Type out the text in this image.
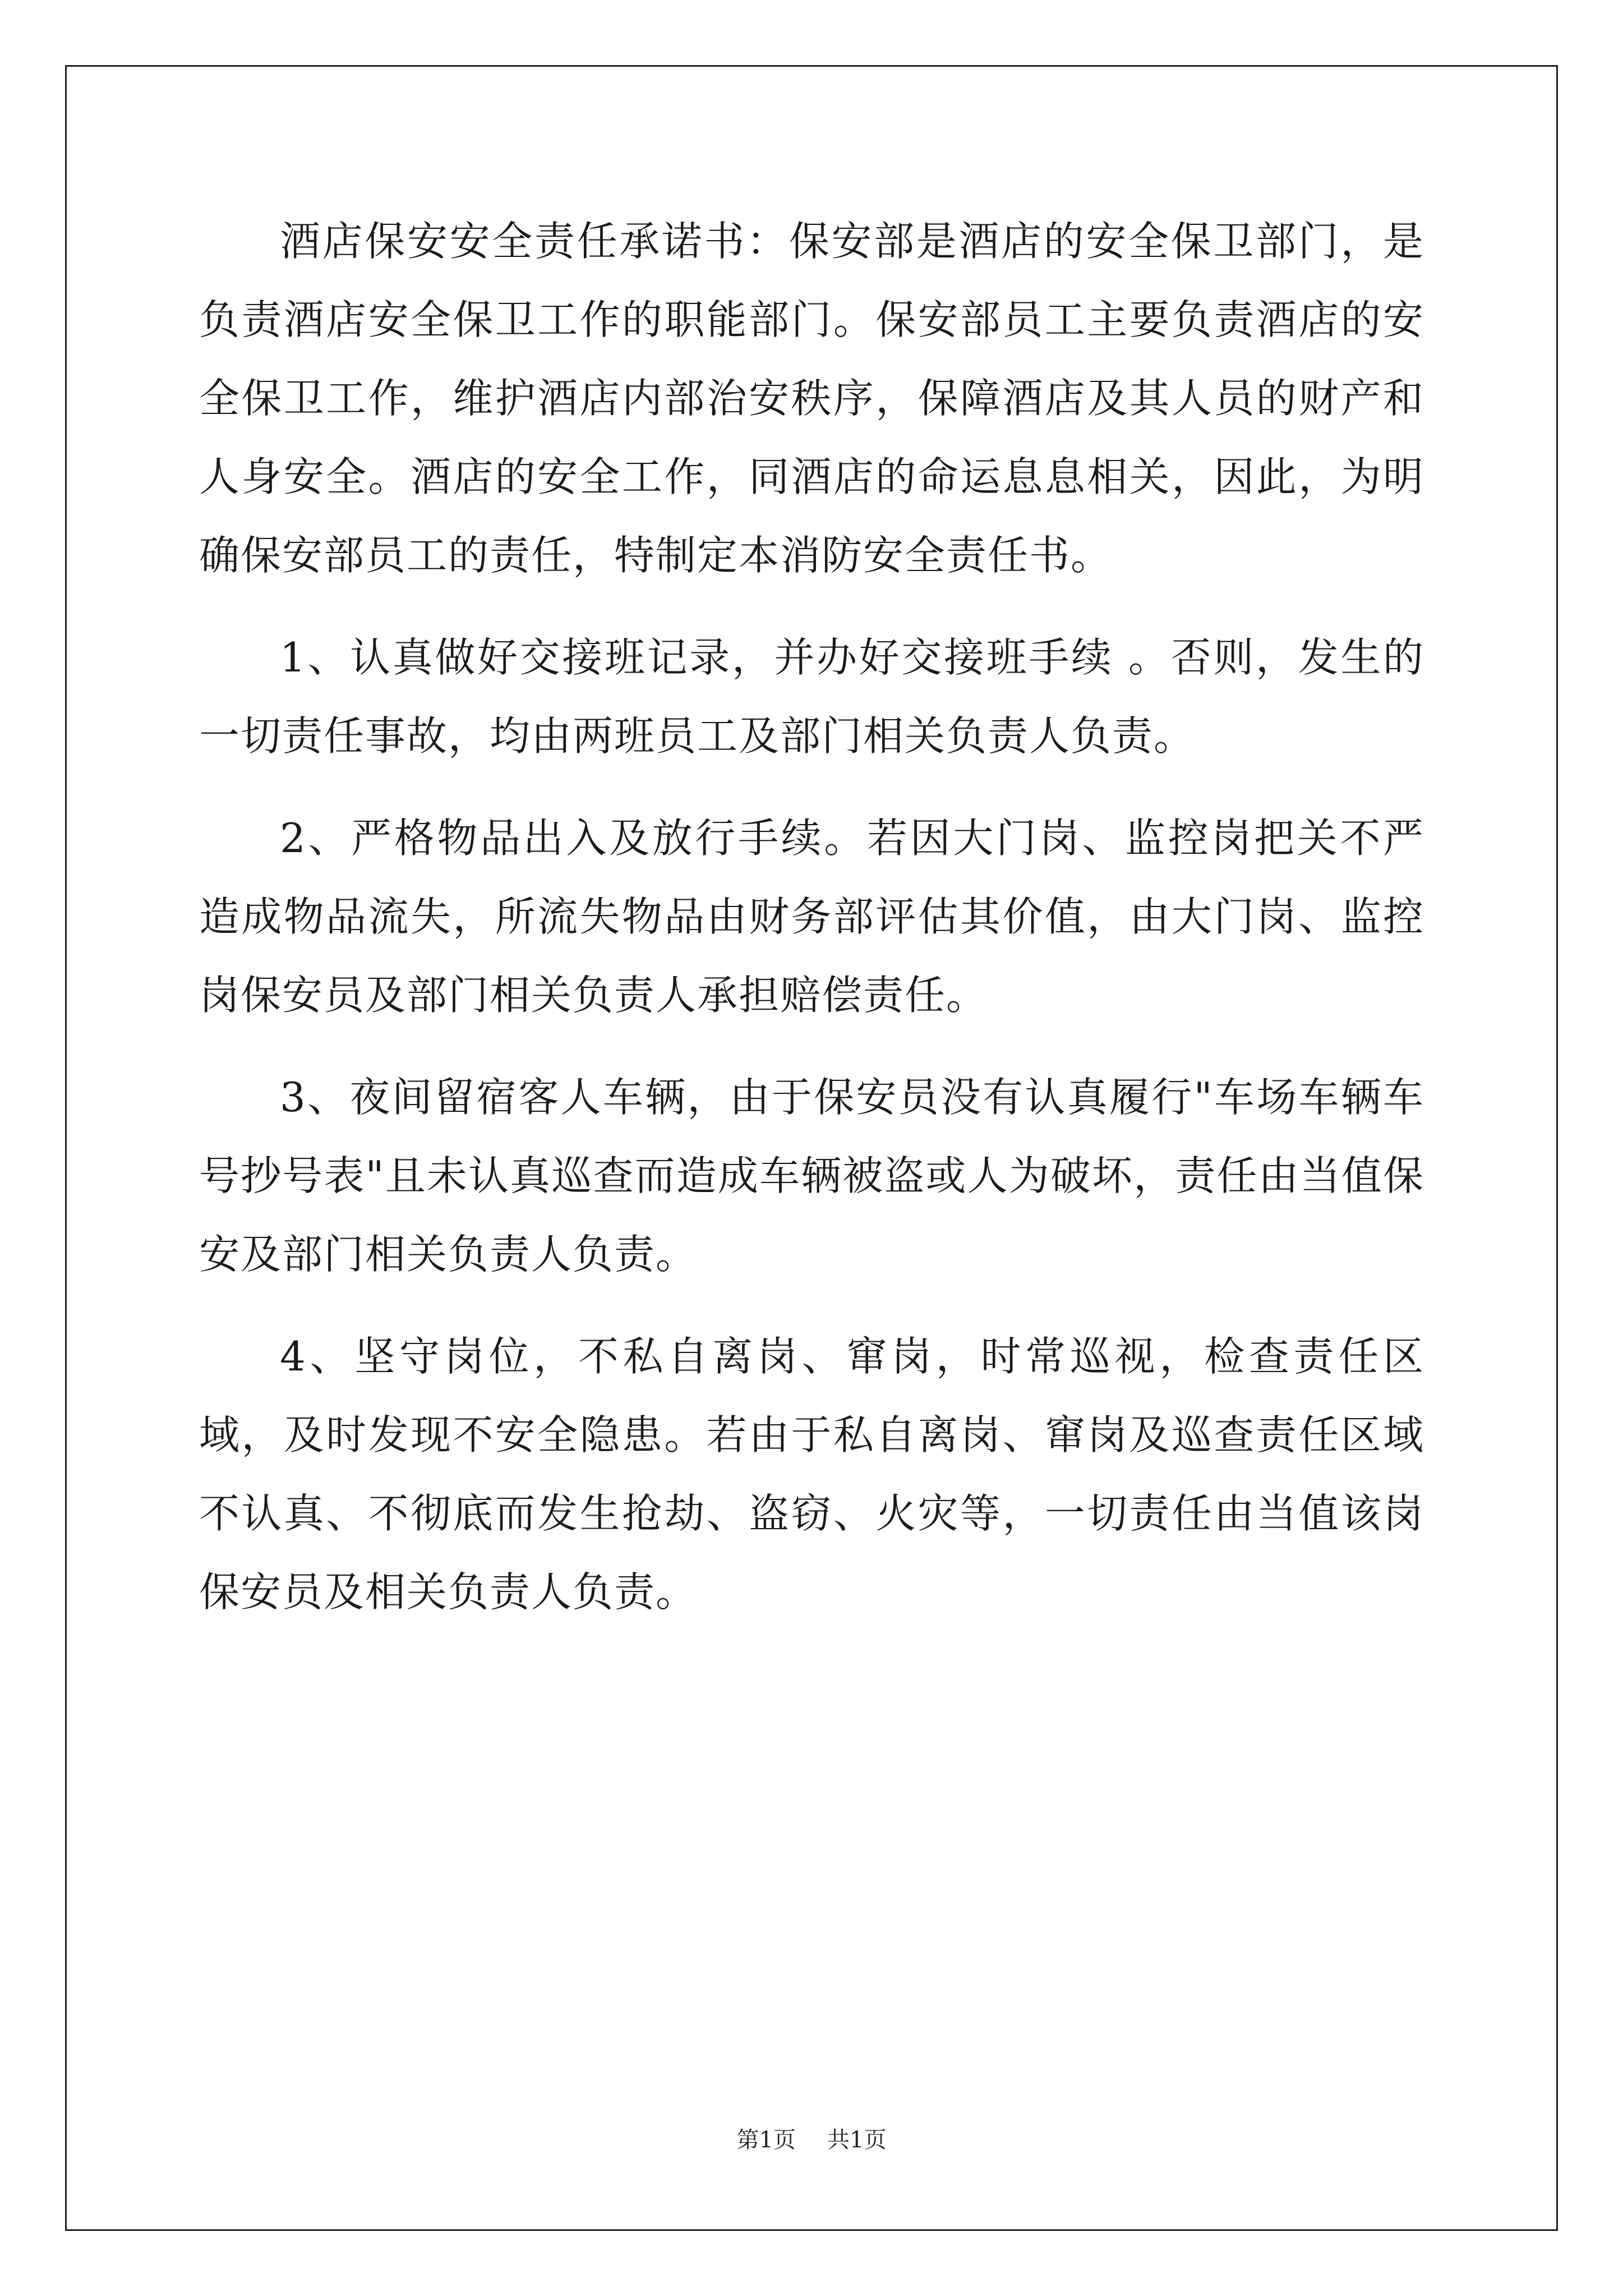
酒店保安安全责任承诺书：保安部是酒店的安全保卫部门，是负责酒店安全保卫工作的职能部门。保安部员工主要负责酒店的安全保卫工作，维护酒店内部治安秩序，保障酒店及其人员的财产和人身安全。酒店的安全工作，同酒店的命运息息相关，因此，为明确保安部员工的责任，特制定本消防安全责任书。

1、认真做好交接班记录，并办好交接班手续 。否则，发生的一切责任事故，均由两班员工及部门相关负责人负责。

2、严格物品出入及放行手续。若因大门岗、监控岗把关不严造成物品流失，所流失物品由财务部评估其价值，由大门岗、监控岗保安员及部门相关负责人承担赔偿责任。

3、夜间留宿客人车辆，由于保安员没有认真履行"车场车辆车号抄号表"且未认真巡查而造成车辆被盗或人为破坏，责任由当值保安及部门相关负责人负责。

4、坚守岗位，不私自离岗、窜岗，时常巡视，检查责任区域，及时发现不安全隐患。若由于私自离岗、窜岗及巡查责任区域不认真、不彻底而发生抢劫、盗窃、火灾等，一切责任由当值该岗保安员及相关负责人负责。

第1页 共1页
